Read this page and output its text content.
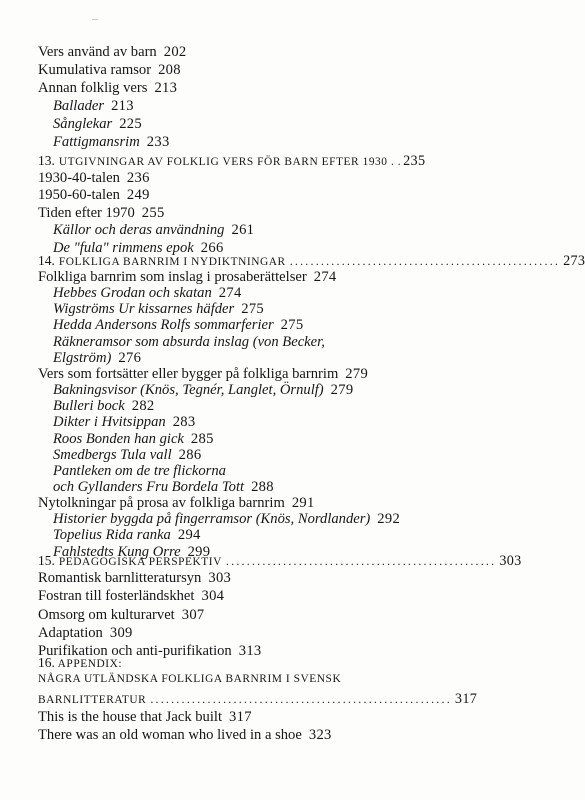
Vers använd av barn 202
Kumulativa ramsor 208
Annan folklig vers 213
Ballader 213
Sånglekar 225
Fattigmansrim 233
13. UTGIVNINGAR AV FOLKLIG VERS FÖR BARN EFTER 1930 . . 235
1930-40-talen 236
1950-60-talen 249
Tiden efter 1970 255
Källor och deras användning 261
De "fula" rimmens epok 266
14. FOLKLIGA BARNRIM I NYDIKTNINGAR .................................................... 273
Folkliga barnrim som inslag i prosaberättelser 274
Hebbes Grodan och skatan 274
Wigströms Ur kissarnes häfder 275
Hedda Andersons Rolfs sommarferier 275
Räkneramsor som absurda inslag (von Becker,
Elgström) 276
Vers som fortsätter eller bygger på folkliga barnrim 279
Bakningsvisor (Knös, Tegnér, Langlet, Örnulf) 279
Bulleri bock 282
Dikter i Hvitsippan 283
Roos Bonden han gick 285
Smedbergs Tula vall 286
Pantleken om de tre flickorna
och Gyllanders Fru Bordela Tott 288
Nytolkningar på prosa av folkliga barnrim 291
Historier byggda på fingerramsor (Knös, Nordlander) 292
Topelius Rida ranka 294
Fahlstedts Kung Orre 299
15. PEDAGOGISKA PERSPEKTIV .................................................... 303
Romantisk barnlitteratursyn 303
Fostran till fosterländskhet 304
Omsorg om kulturarvet 307
Adaptation 309
Purifikation och anti-purifikation 313
16. APPENDIX:
NÅGRA UTLÄNDSKA FOLKLIGA BARNRIM I SVENSK
BARNLITTERATUR .......................................................... 317
This is the house that Jack built 317
There was an old woman who lived in a shoe 323
